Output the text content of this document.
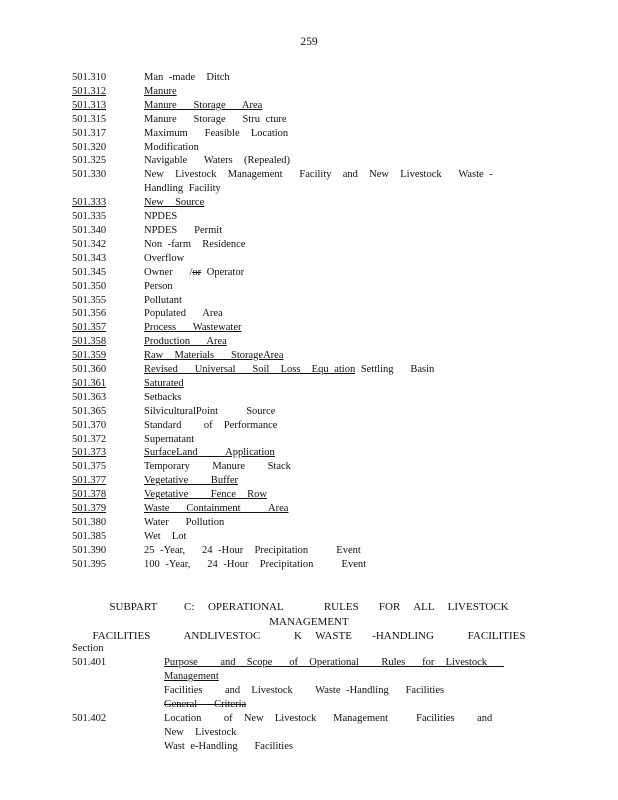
259
501.310	Man -made  Ditch
501.312	Manure
501.313	Manure   Storage   Area
501.315	Manure   Storage   Stru cture
501.317	Maximum   Feasible  Location
501.320	Modification
501.325	Navigable   Waters  (Repealed)
501.330	New  Livestock  Management   Facility  and  New  Livestock   Waste -Handling Facility
501.333	New  Source
501.335	NPDES
501.340	NPDES   Permit
501.342	Non -farm  Residence
501.343	Overflow
501.345	Owner   /or Operator
501.350	Person
501.355	Pollutant
501.356	Populated   Area
501.357	Process   Wastewater
501.358	Production   Area
501.359	Raw  Materials   StorageArea
501.360	Revised   Universal   Soil  Loss  Equ ation Settling   Basin
501.361	Saturated
501.363	Setbacks
501.365	SilviculturalPoint     Source
501.370	Standard    of  Performance
501.372	Supernatant
501.373	SurfaceLand     Application
501.375	Temporary    Manure    Stack
501.377	Vegetative    Buffer
501.378	Vegetative    Fence  Row
501.379	Waste   Containment     Area
501.380	Water   Pollution
501.385	Wet  Lot
501.390	25 -Year,   24 -Hour  Precipitation     Event
501.395	100 -Year,   24 -Hour  Precipitation     Event
SUBPART    C:  OPERATIONAL      RULES   FOR  ALL  LIVESTOCK     MANAGEMENT
FACILITIES     ANDLIVESTOC     K  WASTE   -HANDLING     FACILITIES
Section
501.401	Purpose    and  Scope   of  Operational    Rules   for  Livestock   Management
Facilities    and  Livestock    Waste -Handling   Facilities   General   Criteria
501.402	Location    of  New  Livestock   Management     Facilities    and  New  Livestock
Wast e-Handling   Facilities
